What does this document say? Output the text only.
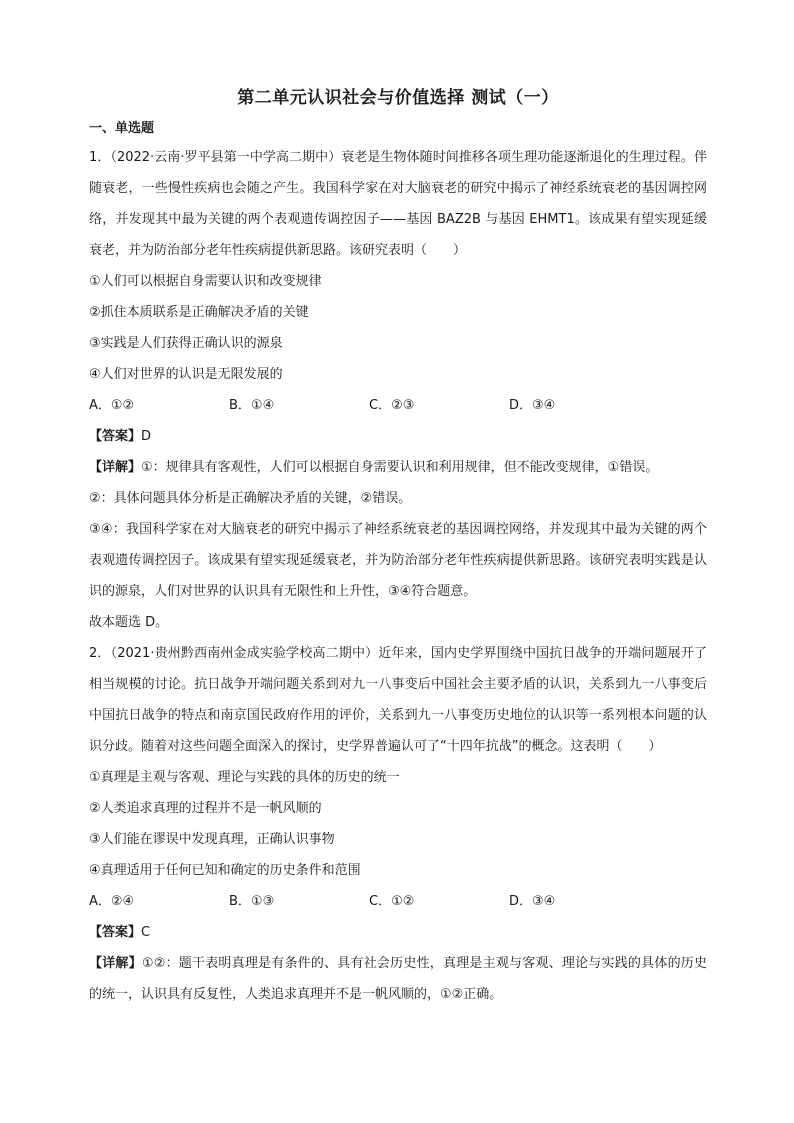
第二单元认识社会与价值选择 测试（一）
一、单选题

1．（2022·云南·罗平县第一中学高二期中）衰老是生物体随时间推移各项生理功能逐渐退化的生理过程。伴随衰老，一些慢性疾病也会随之产生。我国科学家在对大脑衰老的研究中揭示了神经系统衰老的基因调控网络，并发现其中最为关键的两个表观遗传调控因子——基因 BAZ2B 与基因 EHMT1。该成果有望实现延缓衰老，并为防治部分老年性疾病提供新思路。该研究表明（　　）

①人们可以根据自身需要认识和改变规律

②抓住本质联系是正确解决矛盾的关键

③实践是人们获得正确认识的源泉

④人们对世界的认识是无限发展的

A．①②	B．①④	C．②③	D．③④

【答案】D

【详解】①：规律具有客观性，人们可以根据自身需要认识和利用规律，但不能改变规律，①错误。

②：具体问题具体分析是正确解决矛盾的关键，②错误。

③④：我国科学家在对大脑衰老的研究中揭示了神经系统衰老的基因调控网络，并发现其中最为关键的两个表观遗传调控因子。该成果有望实现延缓衰老，并为防治部分老年性疾病提供新思路。该研究表明实践是认识的源泉，人们对世界的认识具有无限性和上升性，③④符合题意。

故本题选 D。

2．（2021·贵州黔西南州金成实验学校高二期中）近年来，国内史学界围绕中国抗日战争的开端问题展开了相当规模的讨论。抗日战争开端问题关系到对九一八事变后中国社会主要矛盾的认识，关系到九一八事变后中国抗日战争的特点和南京国民政府作用的评价，关系到九一八事变历史地位的认识等一系列根本问题的认识分歧。随着对这些问题全面深入的探讨，史学界普遍认可了“十四年抗战”的概念。这表明（　　）

①真理是主观与客观、理论与实践的具体的历史的统一

②人类追求真理的过程并不是一帆风顺的

③人们能在谬误中发现真理，正确认识事物

④真理适用于任何已知和确定的历史条件和范围

A．②④	B．①③	C．①②	D．③④

【答案】C

【详解】①②：题干表明真理是有条件的、具有社会历史性，真理是主观与客观、理论与实践的具体的历史的统一，认识具有反复性，人类追求真理并不是一帆风顺的，①②正确。
